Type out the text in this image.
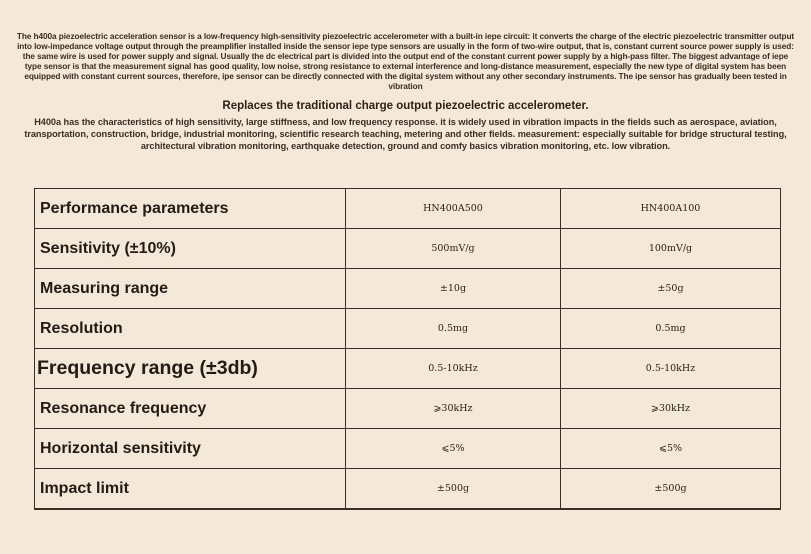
The h400a piezoelectric acceleration sensor is a low-frequency high-sensitivity piezoelectric accelerometer with a built-in iepe circuit: it converts the charge of the electric piezoelectric transmitter output into low-impedance voltage output through the preamplifier installed inside the sensor iepe type sensors are usually in the form of two-wire output, that is, constant current source power supply is used: the same wire is used for power supply and signal. Usually the dc electrical part is divided into the output end of the constant current power supply by a high-pass filter. The biggest advantage of iepe type sensor is that the measurement signal has good quality, low noise, strong resistance to external interference and long-distance measurement, especially the new type of digital system has been equipped with constant current sources, therefore, ipe sensor can be directly connected with the digital system without any other secondary instruments. The ipe sensor has gradually been tested in vibration
Replaces the traditional charge output piezoelectric accelerometer.
H400a has the characteristics of high sensitivity, large stiffness, and low frequency response. it is widely used in vibration impacts in the fields such as aerospace, aviation, transportation, construction, bridge, industrial monitoring, scientific research teaching, metering and other fields. measurement: especially suitable for bridge structural testing, architectural vibration monitoring, earthquake detection, ground and comfy basics vibration monitoring, etc. low vibration.
Performance parameters	HN400A500	HN400A100
Sensitivity (±10%)	500mV/g	100mV/g
Measuring range	±10g	±50g
Resolution	0.5mg	0.5mg
Frequency range (±3db)	0.5-10kHz	0.5-10kHz
Resonance frequency	⩾30kHz	⩾30kHz
Horizontal sensitivity	⩽5%	⩽5%
Impact limit	±500g	±500g
